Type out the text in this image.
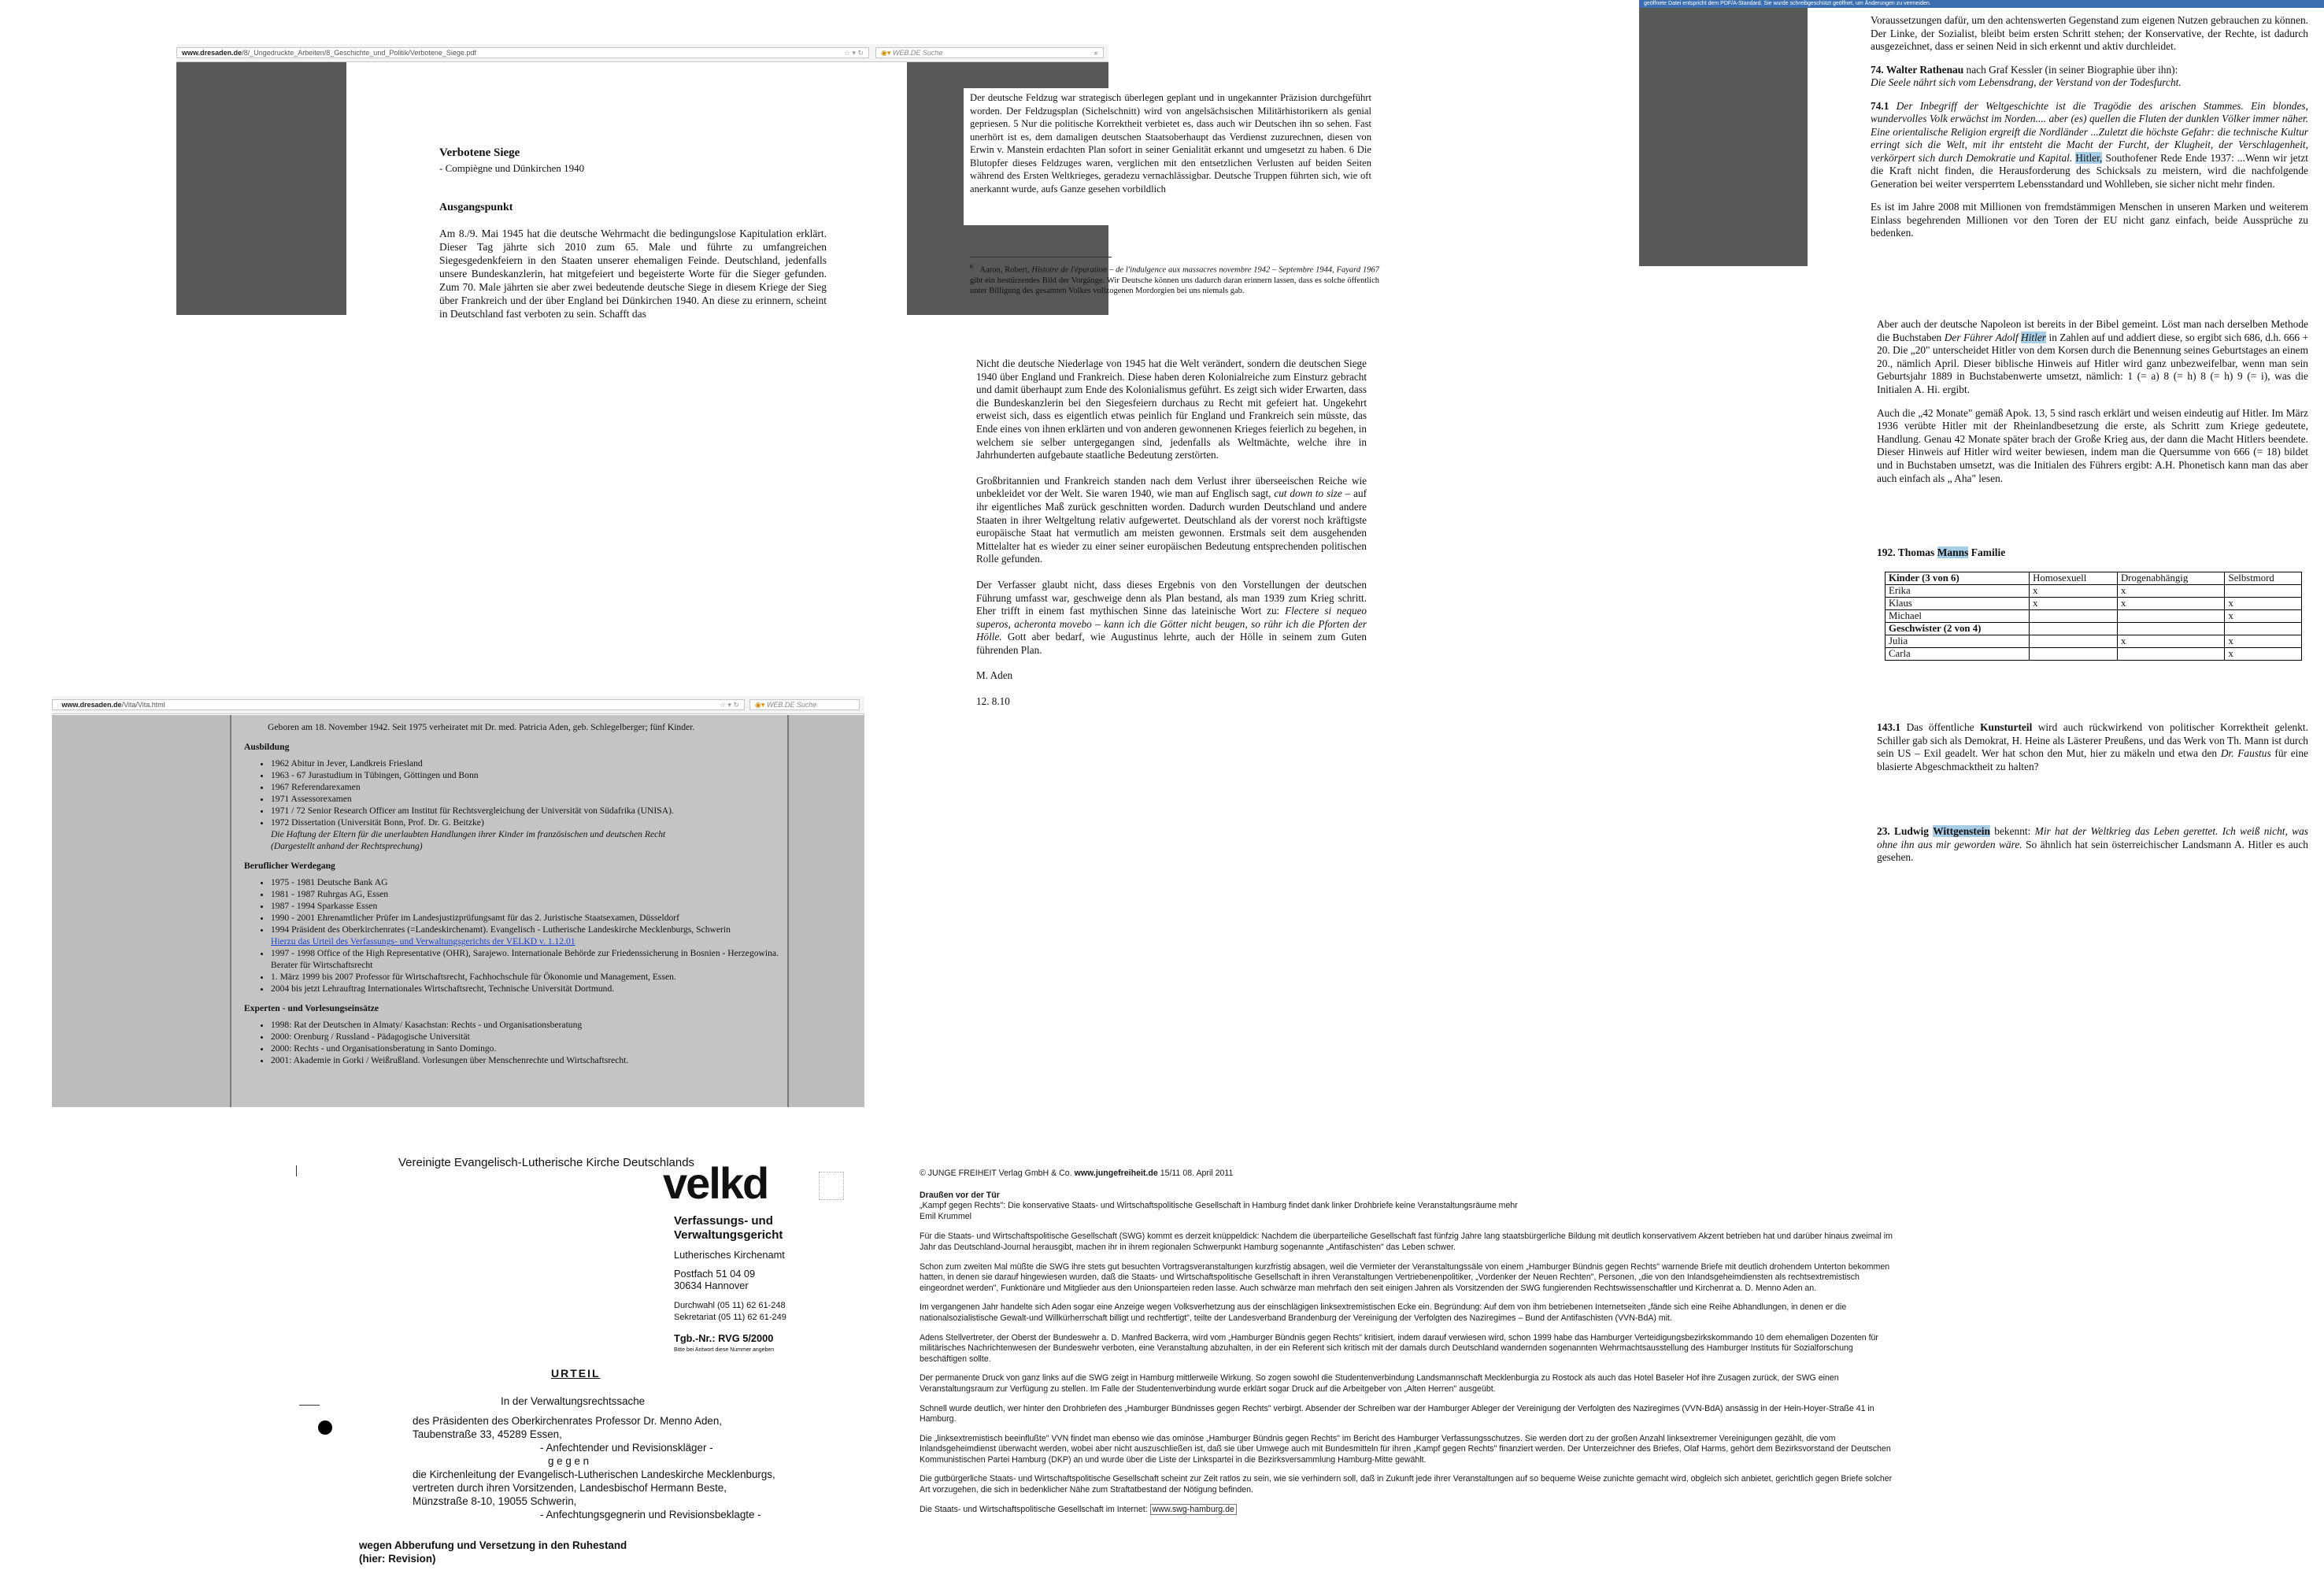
www.dresaden.de /8/_Ungedruckte_Arbeiten/8_Geschichte_und_Politik/Verbotene_Siege.pdf	☆ ▾ ↻ ◉▾
WEB.DE Suche	⌕
Verbotene Siege
- Compiègne und Dünkirchen 1940
Ausgangspunkt

Am 8./9. Mai 1945 hat die deutsche Wehrmacht die bedingungslose Kapitulation erklärt. Dieser Tag jährte sich 2010 zum 65. Male und führte zu umfangreichen Siegesgedenkfeiern in den Staaten unserer ehemaligen Feinde. Deutschland, jedenfalls unsere Bundeskanzlerin, hat mitgefeiert und begeisterte Worte für die Sieger gefunden. Zum 70. Male jährten sie aber zwei bedeutende deutsche Siege in diesem Kriege der Sieg über Frankreich und der über England bei Dünkirchen 1940. An diese zu erinnern, scheint in Deutschland fast verboten zu sein. Schafft das

Der deutsche Feldzug war strategisch überlegen geplant und in ungekannter Präzision durchgeführt worden. Der Feldzugsplan (Sichelschnitt) wird von angelsächsischen Militärhistorikern als genial gepriesen. 5 Nur die politische Korrektheit verbietet es, dass auch wir Deutschen ihn so sehen. Fast unerhört ist es, dem damaligen deutschen Staatsoberhaupt das Verdienst zuzurechnen, diesen von Erwin v. Manstein erdachten Plan sofort in seiner Genialität erkannt und umgesetzt zu haben. 6 Die Blutopfer dieses Feldzuges waren, verglichen mit den entsetzlichen Verlusten auf beiden Seiten während des Ersten Weltkrieges, geradezu vernachlässigbar. Deutsche Truppen führten sich, wie oft anerkannt wurde, aufs Ganze gesehen vorbildlich

$^6$ Aaron, Robert, Histoire de l'épuration – de l'indulgence aux massacres novembre 1942 – Septembre 1944, Fayard 1967 gibt ein bestürzendes Bild der Vorgänge. Wir Deutsche können uns dadurch daran erinnern lassen, dass es solche öffentlich unter Billigung des gesamten Volkes vollzogenen Mordorgien bei uns niemals gab.

Nicht die deutsche Niederlage von 1945 hat die Welt verändert, sondern die deutschen Siege 1940 über England und Frankreich. Diese haben deren Kolonialreiche zum Einsturz gebracht und damit überhaupt zum Ende des Kolonialismus geführt. Es zeigt sich wider Erwarten, dass die Bundeskanzlerin bei den Siegesfeiern durchaus zu Recht mit gefeiert hat. Ungekehrt erweist sich, dass es eigentlich etwas peinlich für England und Frankreich sein müsste, das Ende eines von ihnen erklärten und von anderen gewonnenen Krieges feierlich zu begehen, in welchem sie selber untergegangen sind, jedenfalls als Weltmächte, welche ihre in Jahrhunderten aufgebaute staatliche Bedeutung zerstörten.

Großbritannien und Frankreich standen nach dem Verlust ihrer überseeischen Reiche wie unbekleidet vor der Welt. Sie waren 1940, wie man auf Englisch sagt, cut down to size – auf ihr eigentliches Maß zurück geschnitten worden. Dadurch wurden Deutschland und andere Staaten in ihrer Weltgeltung relativ aufgewertet. Deutschland als der vorerst noch kräftigste europäische Staat hat vermutlich am meisten gewonnen. Erstmals seit dem ausgehenden Mittelalter hat es wieder zu einer seiner europäischen Bedeutung entsprechenden politischen Rolle gefunden.

Der Verfasser glaubt nicht, dass dieses Ergebnis von den Vorstellungen der deutschen Führung umfasst war, geschweige denn als Plan bestand, als man 1939 zum Krieg schritt. Eher trifft in einem fast mythischen Sinne das lateinische Wort zu: Flectere si nequeo superos, acheronta movebo – kann ich die Götter nicht beugen, so rühr ich die Pforten der Hölle. Gott aber bedarf, wie Augustinus lehrte, auch der Hölle in seinem zum Guten führenden Plan.

M. Aden

12. 8.10

geöffnete Datei entspricht dem PDF/A-Standard. Sie wurde schreibgeschützt geöffnet, um Änderungen zu vermeiden.

Voraussetzungen dafür, um den achtenswerten Gegenstand zum eigenen Nutzen gebrauchen zu können. Der Linke, der Sozialist, bleibt beim ersten Schritt stehen; der Konservative, der Rechte, ist dadurch ausgezeichnet, dass er seinen Neid in sich erkennt und aktiv durchleidet.

74. Walter Rathenau nach Graf Kessler (in seiner Biographie über ihn):
Die Seele nährt sich vom Lebensdrang, der Verstand von der Todesfurcht.

74.1 Der Inbegriff der Weltgeschichte ist die Tragödie des arischen Stammes. Ein blondes, wundervolles Volk erwächst im Norden.... aber (es) quellen die Fluten der dunklen Völker immer näher. Eine orientalische Religion ergreift die Nordländer ...Zuletzt die höchste Gefahr: die technische Kultur erringt sich die Welt, mit ihr entsteht die Macht der Furcht, der Klugheit, der Verschlagenheit, verkörpert sich durch Demokratie und Kapital. Hitler, Southofener Rede Ende 1937: ...Wenn wir jetzt die Kraft nicht finden, die Herausforderung des Schicksals zu meistern, wird die nachfolgende Generation bei weiter versperrtem Lebensstandard und Wohlleben, sie sicher nicht mehr finden.

Es ist im Jahre 2008 mit Millionen von fremdstämmigen Menschen in unseren Marken und weiterem Einlass begehrenden Millionen vor den Toren der EU nicht ganz einfach, beide Aussprüche zu bedenken.

Aber auch der deutsche Napoleon ist bereits in der Bibel gemeint. Löst man nach derselben Methode die Buchstaben Der Führer Adolf Hitler in Zahlen auf und addiert diese, so ergibt sich 686, d.h. 666 + 20. Die „20" unterscheidet Hitler von dem Korsen durch die Benennung seines Geburtstages an einem 20., nämlich April. Dieser biblische Hinweis auf Hitler wird ganz unbezweifelbar, wenn man sein Geburtsjahr 1889 in Buchstabenwerte umsetzt, nämlich: 1 (= a) 8 (= h) 8 (= h) 9 (= i), was die Initialen A. Hi. ergibt.

Auch die „42 Monate" gemäß Apok. 13, 5 sind rasch erklärt und weisen eindeutig auf Hitler. Im März 1936 verübte Hitler mit der Rheinlandbesetzung die erste, als Schritt zum Kriege gedeutete, Handlung. Genau 42 Monate später brach der Große Krieg aus, der dann die Macht Hitlers beendete. Dieser Hinweis auf Hitler wird weiter bewiesen, indem man die Quersumme von 666 (= 18) bildet und in Buchstaben umsetzt, was die Initialen des Führers ergibt: A.H. Phonetisch kann man das aber auch einfach als „ Aha" lesen.

192. Thomas Manns Familie
Kinder (3 von 6)	Homosexuell	Drogenabhängig	Selbstmord
Erika	x	x	
Klaus	x	x	x
Michael			x
Geschwister (2 von 4)			
Julia		x	x
Carla			x

143.1 Das öffentliche Kunsturteil wird auch rückwirkend von politischer Korrektheit gelenkt. Schiller gab sich als Demokrat, H. Heine als Lästerer Preußens, und das Werk von Th. Mann ist durch sein US – Exil geadelt. Wer hat schon den Mut, hier zu mäkeln und etwa den Dr. Faustus für eine blasierte Abgeschmacktheit zu halten?

23. Ludwig Wittgenstein bekennt: Mir hat der Weltkrieg das Leben gerettet. Ich weiß nicht, was ohne ihn aus mir geworden wäre. So ähnlich hat sein österreichischer Landsmann A. Hitler es auch gesehen.

◌ www.dresaden.de /Vita/Vita.html	☆ ▾ ↻ ◉▾
WEB.DE Suche

Geboren am 18. November 1942. Seit 1975 verheiratet mit Dr. med. Patricia Aden, geb. Schlegelberger; fünf Kinder.

Ausbildung
• 1962 Abitur in Jever, Landkreis Friesland
• 1963 - 67 Jurastudium in Tübingen, Göttingen und Bonn
• 1967 Referendarexamen
• 1971 Assessorexamen
• 1971 / 72 Senior Research Officer am Institut für Rechtsvergleichung der Universität von Südafrika (UNISA).
• 1972 Dissertation (Universität Bonn, Prof. Dr. G. Beitzke)
Die Haftung der Eltern für die unerlaubten Handlungen ihrer Kinder im französischen und deutschen Recht
(Dargestellt anhand der Rechtsprechung)
Beruflicher Werdegang
• 1975 - 1981 Deutsche Bank AG
• 1981 - 1987 Ruhrgas AG, Essen
• 1987 - 1994 Sparkasse Essen
• 1990 - 2001 Ehrenamtlicher Prüfer im Landesjustizprüfungsamt für das 2. Juristische Staatsexamen, Düsseldorf
• 1994 Präsident des Oberkirchenrates (=Landeskirchenamt). Evangelisch - Lutherische Landeskirche Mecklenburgs, Schwerin
Hierzu das Urteil des Verfassungs- und Verwaltungsgerichts der VELKD v. 1.12.01
• 1997 - 1998 Office of the High Representative (OHR), Sarajewo. Internationale Behörde zur Friedenssicherung in Bosnien - Herzegowina. Berater für Wirtschaftsrecht
• 1. März 1999 bis 2007 Professor für Wirtschaftsrecht, Fachhochschule für Ökonomie und Management, Essen.
• 2004 bis jetzt Lehrauftrag Internationales Wirtschaftsrecht, Technische Universität Dortmund.
Experten - und Vorlesungseinsätze
• 1998: Rat der Deutschen in Almaty/ Kasachstan: Rechts - und Organisationsberatung
• 2000: Orenburg / Russland - Pädagogische Universität
• 2000: Rechts - und Organisationsberatung in Santo Domingo.
• 2001: Akademie in Gorki / Weißrußland. Vorlesungen über Menschenrechte und Wirtschaftsrecht.
Vereinigte Evangelisch-Lutherische Kirche Deutschlands
velkd
Verfassungs- und
Verwaltungsgericht
Lutherisches Kirchenamt
Postfach 51 04 09
30634 Hannover
Durchwahl (05 11) 62 61-248
Sekretariat (05 11) 62 61-249
Tgb.-Nr.: RVG 5/2000
Bitte bei Antwort diese Nummer angeben
URTEIL
In der Verwaltungsrechtssache
des Präsidenten des Oberkirchenrates Professor Dr. Menno Aden,
Taubenstraße 33, 45289 Essen,
- Anfechtender und Revisionskläger -
g e g e n
die Kirchenleitung der Evangelisch-Lutherischen Landeskirche Mecklenburgs,
vertreten durch ihren Vorsitzenden, Landesbischof Hermann Beste,
Münzstraße 8-10, 19055 Schwerin,
- Anfechtungsgegnerin und Revisionsbeklagte -
wegen Abberufung und Versetzung in den Ruhestand
(hier: Revision)

© JUNGE FREIHEIT Verlag GmbH & Co. www.jungefreiheit.de 15/11 08. April 2011

Draußen vor der Tür
„Kampf gegen Rechts": Die konservative Staats- und Wirtschaftspolitische Gesellschaft in Hamburg findet dank linker Drohbriefe keine Veranstaltungsräume mehr
Emil Krummel

Für die Staats- und Wirtschaftspolitische Gesellschaft (SWG) kommt es derzeit knüppeldick: Nachdem die überparteiliche Gesellschaft fast fünfzig Jahre lang staatsbürgerliche Bildung mit deutlich konservativem Akzent betrieben hat und darüber hinaus zweimal im Jahr das Deutschland-Journal herausgibt, machen ihr in ihrem regionalen Schwerpunkt Hamburg sogenannte „Antifaschisten" das Leben schwer.

Schon zum zweiten Mal müßte die SWG ihre stets gut besuchten Vortragsveranstaltungen kurzfristig absagen, weil die Vermieter der Veranstaltungssäle von einem „Hamburger Bündnis gegen Rechts" warnende Briefe mit deutlich drohendem Unterton bekommen hatten, in denen sie darauf hingewiesen wurden, daß die Staats- und Wirtschaftspolitische Gesellschaft in ihren Veranstaltungen Vertriebenenpolitiker, „Vordenker der Neuen Rechten", Personen, „die von den Inlandsgeheimdiensten als rechtsextremistisch eingeordnet werden", Funktionäre und Mitglieder aus den Unionsparteien reden lasse. Auch schwärze man mehrfach den seit einigen Jahren als Vorsitzenden der SWG fungierenden Rechtswissenschaftler und Kirchenrat a. D. Menno Aden an.

Im vergangenen Jahr handelte sich Aden sogar eine Anzeige wegen Volksverhetzung aus der einschlägigen linksextremistischen Ecke ein. Begründung: Auf dem von ihm betriebenen Internetseiten „fände sich eine Reihe Abhandlungen, in denen er die nationalsozialistische Gewalt-und Willkürherrschaft billigt und rechtfertigt", teilte der Landesverband Brandenburg der Vereinigung der Verfolgten des Naziregimes – Bund der Antifaschisten (VVN-BdA) mit.

Adens Stellvertreter, der Oberst der Bundeswehr a. D. Manfred Backerra, wird vom „Hamburger Bündnis gegen Rechts" kritisiert, indem darauf verwiesen wird, schon 1999 habe das Hamburger Verteidigungsbezirkskommando 10 dem ehemaligen Dozenten für militärisches Nachrichtenwesen der Bundeswehr verboten, eine Veranstaltung abzuhalten, in der ein Referent sich kritisch mit der damals durch Deutschland wandernden sogenannten Wehrmachtsausstellung des Hamburger Instituts für Sozialforschung beschäftigen sollte.

Der permanente Druck von ganz links auf die SWG zeigt in Hamburg mittlerweile Wirkung. So zogen sowohl die Studentenverbindung Landsmannschaft Mecklenburgia zu Rostock als auch das Hotel Baseler Hof ihre Zusagen zurück, der SWG einen Veranstaltungsraum zur Verfügung zu stellen. Im Falle der Studentenverbindung wurde erklärt sogar Druck auf die Arbeitgeber von „Alten Herren" ausgeübt.

Schnell wurde deutlich, wer hinter den Drohbriefen des „Hamburger Bündnisses gegen Rechts" verbirgt. Absender der Schreiben war der Hamburger Ableger der Vereinigung der Verfolgten des Naziregimes (VVN-BdA) ansässig in der Hein-Hoyer-Straße 41 in Hamburg.

Die „linksextremistisch beeinflußte" VVN findet man ebenso wie das ominöse „Hamburger Bündnis gegen Rechts" im Bericht des Hamburger Verfassungsschutzes. Sie werden dort zu der großen Anzahl linksextremer Vereinigungen gezählt, die vom Inlandsgeheimdienst überwacht werden, wobei aber nicht auszuschließen ist, daß sie über Umwege auch mit Bundesmitteln für ihren „Kampf gegen Rechts" finanziert werden. Der Unterzeichner des Briefes, Olaf Harms, gehört dem Bezirksvorstand der Deutschen Kommunistischen Partei Hamburg (DKP) an und wurde über die Liste der Linkspartei in die Bezirksversammlung Hamburg-Mitte gewählt.

Die gutbürgerliche Staats- und Wirtschaftspolitische Gesellschaft scheint zur Zeit ratlos zu sein, wie sie verhindern soll, daß in Zukunft jede ihrer Veranstaltungen auf so bequeme Weise zunichte gemacht wird, obgleich sich anbietet, gerichtlich gegen Briefe solcher Art vorzugehen, die sich in bedenklicher Nähe zum Straftatbestand der Nötigung befinden.

Die Staats- und Wirtschaftspolitische Gesellschaft im Internet: www.swg-hamburg.de
